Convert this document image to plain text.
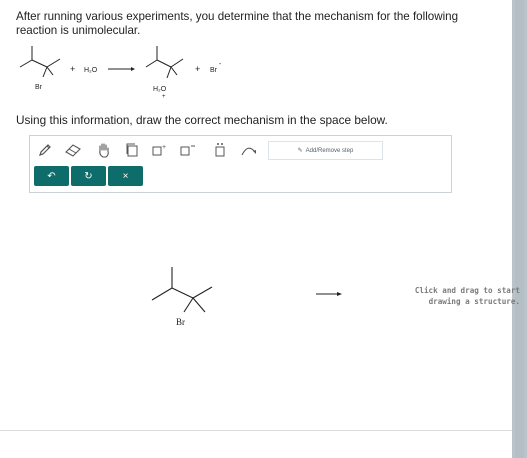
After running various experiments, you determine that the mechanism for the following reaction is unimolecular.
Br
+ H₂O
H₂O
+
+ Br
-
Using this information, draw the correct mechanism in the space below.
+
✎ Add/Remove step
↶	↻	×
Br
Click and drag to start drawing a structure.
